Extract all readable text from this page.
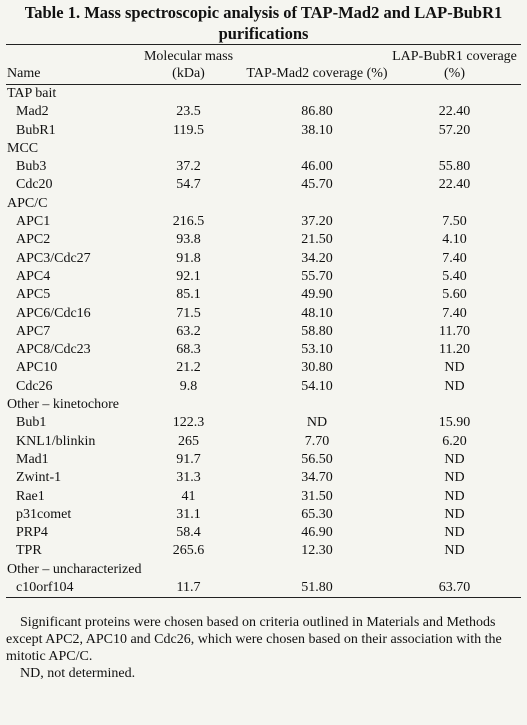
Table 1. Mass spectroscopic analysis of TAP-Mad2 and LAP-BubR1 purifications
Name	Molecular mass (kDa)	TAP-Mad2 coverage (%)	LAP-BubR1 coverage (%)

TAP bait			
Mad2	23.5	86.80	22.40
BubR1	119.5	38.10	57.20
MCC			
Bub3	37.2	46.00	55.80
Cdc20	54.7	45.70	22.40
APC/C			
APC1	216.5	37.20	7.50
APC2	93.8	21.50	4.10
APC3/Cdc27	91.8	34.20	7.40
APC4	92.1	55.70	5.40
APC5	85.1	49.90	5.60
APC6/Cdc16	71.5	48.10	7.40
APC7	63.2	58.80	11.70
APC8/Cdc23	68.3	53.10	11.20
APC10	21.2	30.80	ND
Cdc26	9.8	54.10	ND
Other – kinetochore			
Bub1	122.3	ND	15.90
KNL1/blinkin	265	7.70	6.20
Mad1	91.7	56.50	ND
Zwint-1	31.3	34.70	ND
Rae1	41	31.50	ND
p31comet	31.1	65.30	ND
PRP4	58.4	46.90	ND
TPR	265.6	12.30	ND
Other – uncharacterized			
c10orf104	11.7	51.80	63.70

Significant proteins were chosen based on criteria outlined in Materials and Methods except APC2, APC10 and Cdc26, which were chosen based on their association with the mitotic APC/C.

ND, not determined.
